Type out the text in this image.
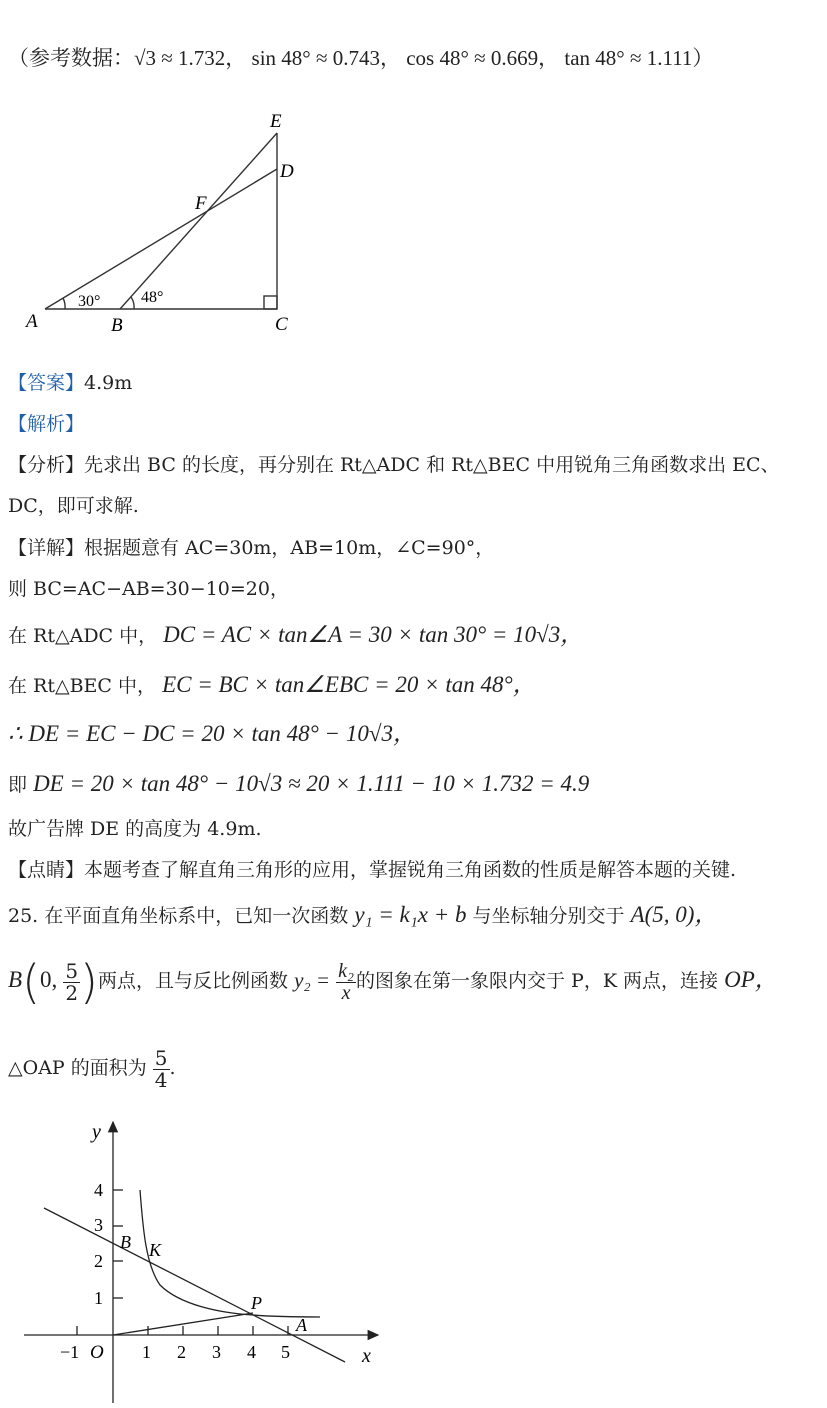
（参考数据：√3 ≈ 1.732， sin 48° ≈ 0.743， cos 48° ≈ 0.669， tan 48° ≈ 1.111）
A	B	C
D
E
F
30°	48°
【答案】4.9m
【解析】
【分析】先求出 BC 的长度，再分别在 Rt△ADC 和 Rt△BEC 中用锐角三角函数求出 EC、
DC，即可求解.
【详解】根据题意有 AC=30m，AB=10m，∠C=90°，
则 BC=AC−AB=30−10=20，
在 Rt△ADC 中， DC = AC × tan∠A = 30 × tan 30° = 10√3，
在 Rt△BEC 中， EC = BC × tan∠EBC = 20 × tan 48°，
∴ DE = EC − DC = 20 × tan 48° − 10√3，
即 DE = 20 × tan 48° − 10√3 ≈ 20 × 1.111 − 10 × 1.732 = 4.9
故广告牌 DE 的高度为 4.9m.
【点睛】本题考查了解直角三角形的应用，掌握锐角三角函数的性质是解答本题的关键.
25. 在平面直角坐标系中，已知一次函数 y₁ = k₁x + b 与坐标轴分别交于 A(5, 0)，
B(0, $\frac{5}{2}$ )两点，且与反比例函数 $y_2 = \frac{\text{k₂}}{x}$ 的图象在第一象限内交于 P，K 两点，连接 OP，
△OAP 的面积为 $\frac{5}{4}$ .
y
x
O
1
2
3
4
−1	1 2 3 4 5
B K
P
A
